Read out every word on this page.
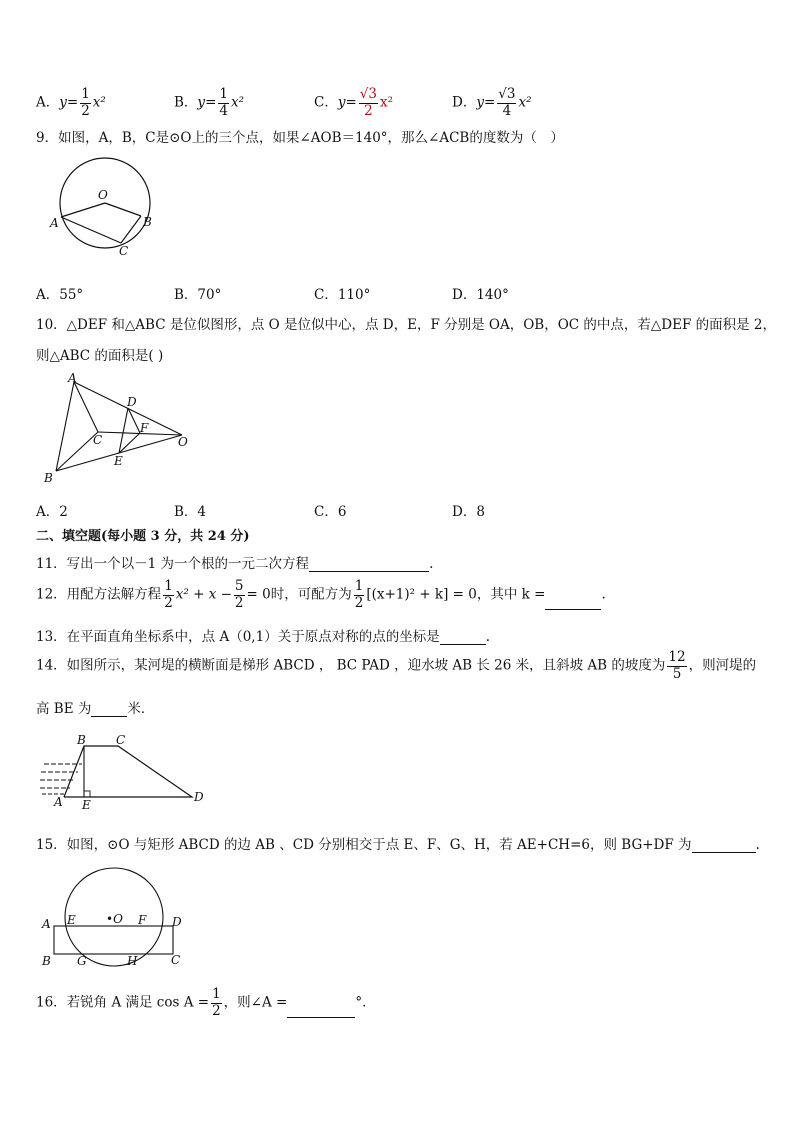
A．$y= \frac{1}{2} x^2$	B．$y= \frac{1}{4} x^2$	C．$y= \frac{√3}{2} x^2$	D．$y= \frac{√3}{4} x^2$
9．如图，A，B，C是⊙O上的三个点，如果∠AOB＝140°，那么∠ACB的度数为（　）
O
A	B
C
A．55°	B．70°	C．110°	D．140°
10．△DEF 和△ABC 是位似图形，点 O 是位似中心，点 D，E，F 分别是 OA，OB，OC 的中点，若△DEF 的面积是 2，
则△ABC 的面积是( )
A
B
C
D
E
F
O
A．2	B．4	C．6	D．8
二、填空题(每小题 3 分，共 24 分)
11．写出一个以－1 为一个根的一元二次方程	.
12．用配方法解方程 $\frac{1}{2} x^2 + x - \frac{5}{2} = 0$时，可配方为 $\frac{1}{2} [(x+1)^2 + k] = 0$，其中 k =	.
13．在平面直角坐标系中，点 A（0,1）关于原点对称的点的坐标是	.
14．如图所示，某河堤的横断面是梯形 ABCD ， BC PAD ，迎水坡 AB 长 26 米，且斜坡 AB 的坡度为 $\frac{12}{5}$ ，则河堤的
高 BE 为	米．
B	C
A E
D
15．如图，⊙O 与矩形 ABCD 的边 AB 、CD 分别相交于点 E、F、G、H，若 AE+CH=6，则 BG+DF 为	.
A E	•O F D
B G	H	C
16．若锐角 A 满足 $\cos A = \frac{1}{2}$ ，则∠A =	°．
